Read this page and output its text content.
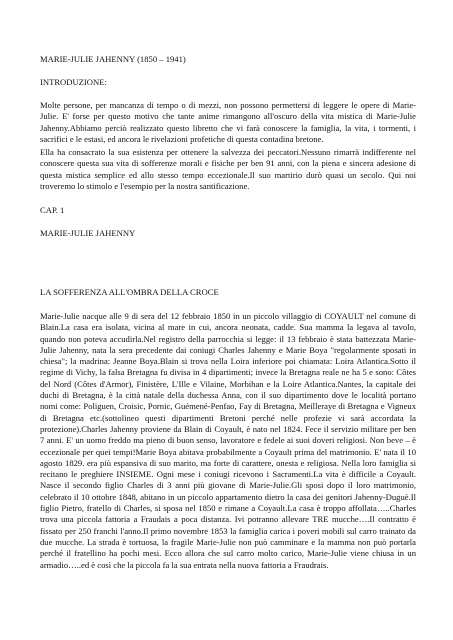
MARIE-JULIE JAHENNY (1850 – 1941)

INTRODUZIONE:

Molte persone, per mancanza di tempo o di mezzi, non possono permettersi di leggere le opere di Marie-Julie. E' forse per questo motivo che tante anime rimangono all'oscuro della vita mistica di Marie-Julie Jahenny.Abbiamo perciò realizzato questo libretto che vi farà conoscere la famiglia, la vita, i tormenti, i sacrifici e le estasi, ed ancora le rivelazioni profetiche di questa contadina bretone.

Ella ha consacrato la sua esistenza per ottenere la salvezza dei peccatori.Nessuno rimarrà indifferente nel conoscere questa sua vita di sofferenze morali e fisiche per ben 91 anni, con la piena e sincera adesione di questa mistica semplice ed allo stesso tempo eccezionale.Il suo martirio durò quasi un secolo. Qui noi troveremo lo stimolo e l'esempio per la nostra santificazione.

CAP. 1

MARIE-JULIE JAHENNY

LA SOFFERENZA ALL'OMBRA DELLA CROCE

Marie-Julie nacque alle 9 di sera del 12 febbraio 1850 in un piccolo villaggio di COYAULT nel comune di Blain.La casa era isolata, vicina al mare in cui, ancora neonata, cadde. Sua mamma la legava al tavolo, quando non poteva accudirla.Nel registro della parrocchia si legge: il 13 febbraio è stata battezzata Marie-Julie Jahenny, nata la sera precedente dai coniugi Charles Jahenny e Marie Boya "regolarmente sposati in chiesa"; la madrina: Jeanne Boya.Blain si trova nella Loira inferiore poi chiamata: Loira Atlantica.Sotto il regime di Vichy, la falsa Bretagna fu divisa in 4 dipartimenti; invece la Bretagna reale ne ha 5 e sono: Côtes del Nord (Côtes d'Armor), Finistère, L'Ille e Vilaine, Morbihan e la Loire Atlantica.Nantes, la capitale dei duchi di Bretagna, è la città natale della duchessa Anna, con il suo dipartimento dove le località portano nomi come: Poliguen, Croisic, Pornic, Guémené-Penfao, Fay di Bretagna, Meilleraye di Bretagna e Vigneux di Bretagna etc.(sottolineo questi dipartimenti Bretoni perché nelle profezie vi sarà accordata la protezione).Charles Jahenny proviene da Blain di Coyault, è nato nel 1824. Fece il servizio militare per ben 7 anni. E' un uomo freddo ma pieno di buon senso, lavoratore e fedele ai suoi doveri religiosi. Non beve – è eccezionale per quei tempi!Marie Boya abitava probabilmente a Coyault prima del matrimonio. E' nata il 10 agosto 1829. era più espansiva di suo marito, ma forte di carattere, onesta e religiosa. Nella loro famiglia si recitano le preghiere INSIEME. Ogni mese i coniugi ricevono i Sacramenti.La vita è difficile a Coyault. Nasce il secondo figlio Charles di 3 anni più giovane di Marie-Julie.Gli sposi dopo il loro matrimonio, celebrato il 10 ottobre 1848, abitano in un piccolo appartamento dietro la casa dei genitori Jahenny-Duguè.Il figlio Pietro, fratello di Charles, si sposa nel 1850 e rimane a Coyault.La casa è troppo affollata…..Charles trova una piccola fattoria a Fraudais a poca distanza. Ivi potranno allevare TRE mucche….Il contratto è fissato per 250 franchi l'anno.Il primo novembre 1853 la famiglia carica i poveri mobili sul carro trainato da due mucche. La strada è tortuosa, la fragile Marie-Julie non può camminare e la mamma non può portarla perché il fratellino ha pochi mesi. Ecco allora che sul carro molto carico, Marie-Julie viene chiusa in un armadio…..ed è così che la piccola fa la sua entrata nella nuova fattoria a Fraudrais.
